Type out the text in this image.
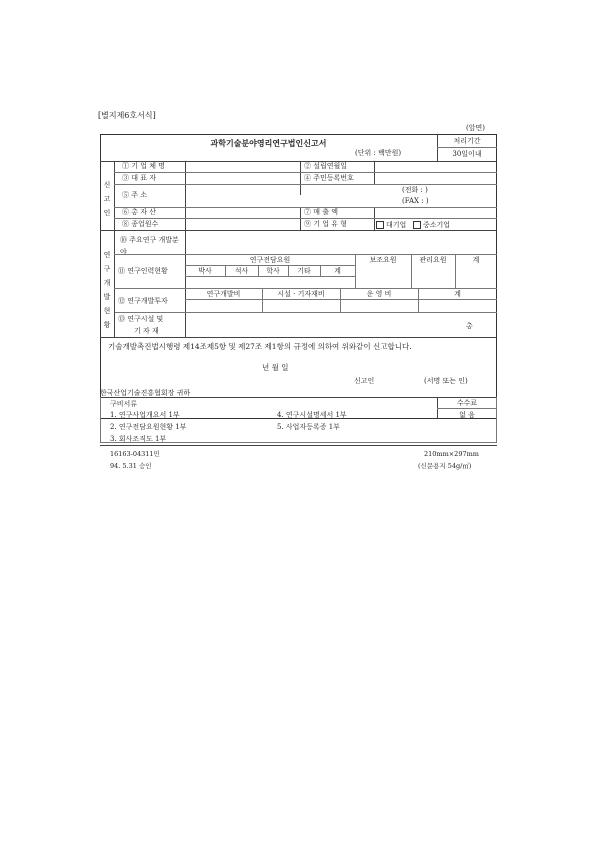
[별지제6호서식]
(앞면)
과학기술분야영리연구법인신고서
(단위 : 백만원)
처리기간
30일이내
신
고
인
① 기 업 체 명	② 설립연월일
③ 대 표 자	④ 주민등록번호
⑤ 주 소
(전화 : )
(FAX : )
⑥ 총 자 산	⑦ 매 출 액
⑧ 종업원수	⑨ 기 업 유 형	대기업 중소기업
연
구
개
발
현
황
⑩ 주요연구 개발분야
⑪ 연구인력현황
연구전담요원	보조요원	관리요원	계
박사	석사	학사	기타	계
⑫ 연구개발투자
연구개발비	시설 · 기자재비	운 영 비	계
⑬ 연구시설 및
기 자 재
총
기술개발촉진법시행령 제14조제5항 및 제27조 제1항의 규정에 의하여 위와같이 신고합니다.
년 월 일
신고인	(서명 또는 인)
한국산업기술진흥협회장 귀하
수수료
없 음
구비서류
1. 연구사업개요서 1부
2. 연구전담요원현황 1부
3. 회사조직도 1부
4. 연구시설명세서 1부
5. 사업자등록증 1부
16163-04311민
94. 5.31 승인
210mm×297mm
(신문용지 54g/㎡)
